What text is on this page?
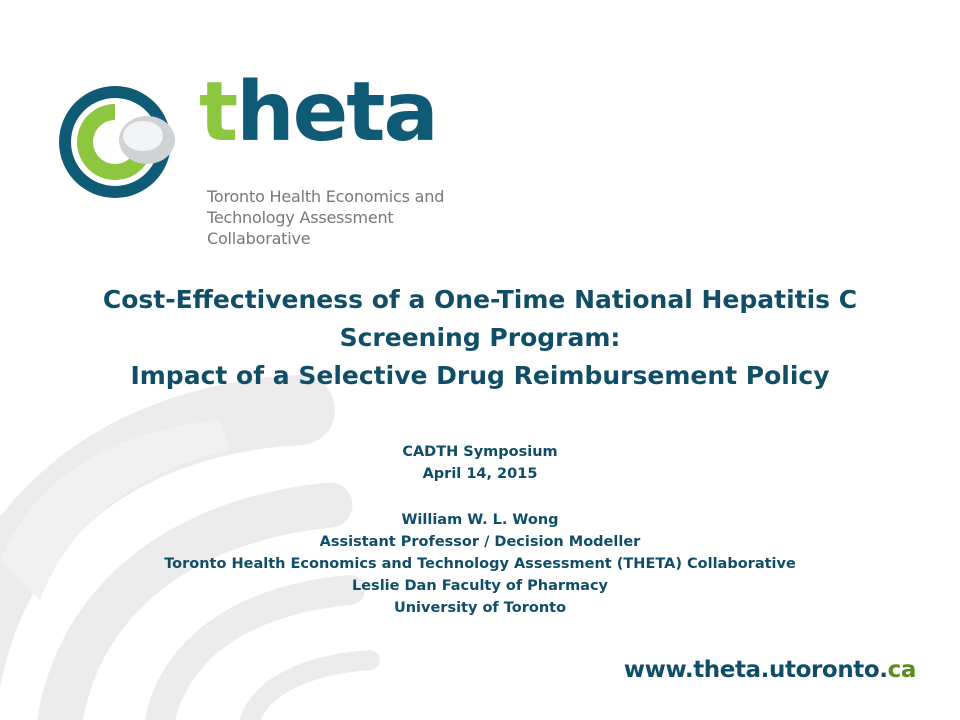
theta
Toronto Health Economics and
Technology Assessment Collaborative
Cost-Effectiveness of a One-Time National Hepatitis C
Screening Program:
Impact of a Selective Drug Reimbursement Policy
CADTH Symposium
April 14, 2015
William W. L. Wong
Assistant Professor / Decision Modeller
Toronto Health Economics and Technology Assessment (THETA) Collaborative
Leslie Dan Faculty of Pharmacy
University of Toronto
www.theta.utoronto.ca
